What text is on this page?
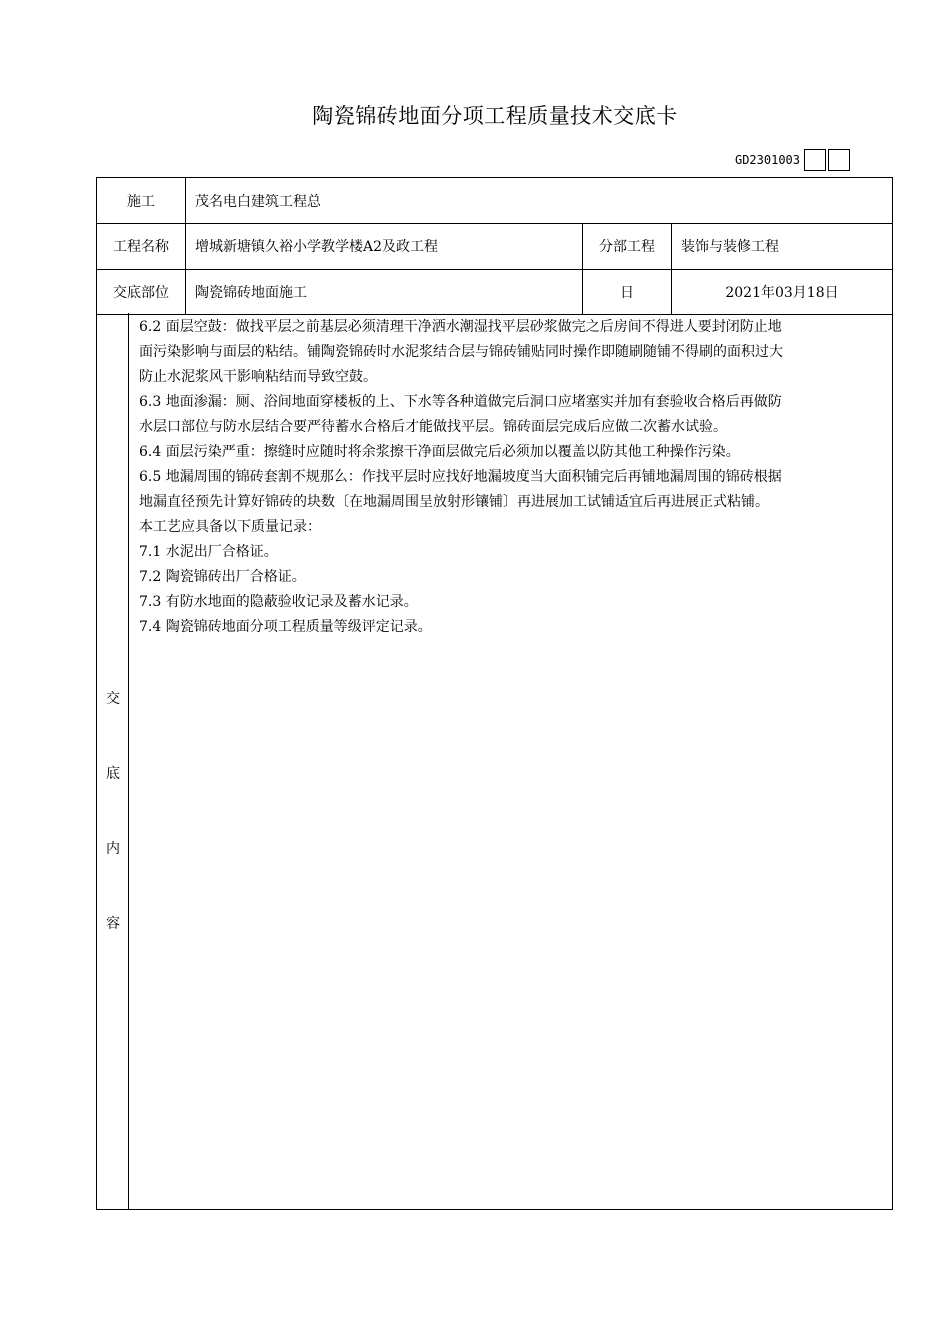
陶瓷锦砖地面分项工程质量技术交底卡
GD2301003
施工	茂名电白建筑工程总
工程名称	增城新塘镇久裕小学教学楼A2及政工程	分部工程	装饰与装修工程
交底部位	陶瓷锦砖地面施工	日	2021年03月18日
交
底
内
容

6.2 面层空鼓：做找平层之前基层必须清理干净洒水潮湿找平层砂浆做完之后房间不得进人要封闭防止地

面污染影响与面层的粘结。铺陶瓷锦砖时水泥浆结合层与锦砖铺贴同时操作即随刷随铺不得刷的面积过大

防止水泥浆风干影响粘结而导致空鼓。

6.3 地面渗漏：厕、浴间地面穿楼板的上、下水等各种道做完后洞口应堵塞实并加有套验收合格后再做防

水层口部位与防水层结合要严待蓄水合格后才能做找平层。锦砖面层完成后应做二次蓄水试验。

6.4 面层污染严重：擦缝时应随时将余浆擦干净面层做完后必须加以覆盖以防其他工种操作污染。

6.5 地漏周围的锦砖套割不规那么：作找平层时应找好地漏坡度当大面积铺完后再铺地漏周围的锦砖根据

地漏直径预先计算好锦砖的块数〔在地漏周围呈放射形镶铺〕再进展加工试铺适宜后再进展正式粘铺。

本工艺应具备以下质量记录：

7.1 水泥出厂合格证。

7.2 陶瓷锦砖出厂合格证。

7.3 有防水地面的隐蔽验收记录及蓄水记录。

7.4 陶瓷锦砖地面分项工程质量等级评定记录。
